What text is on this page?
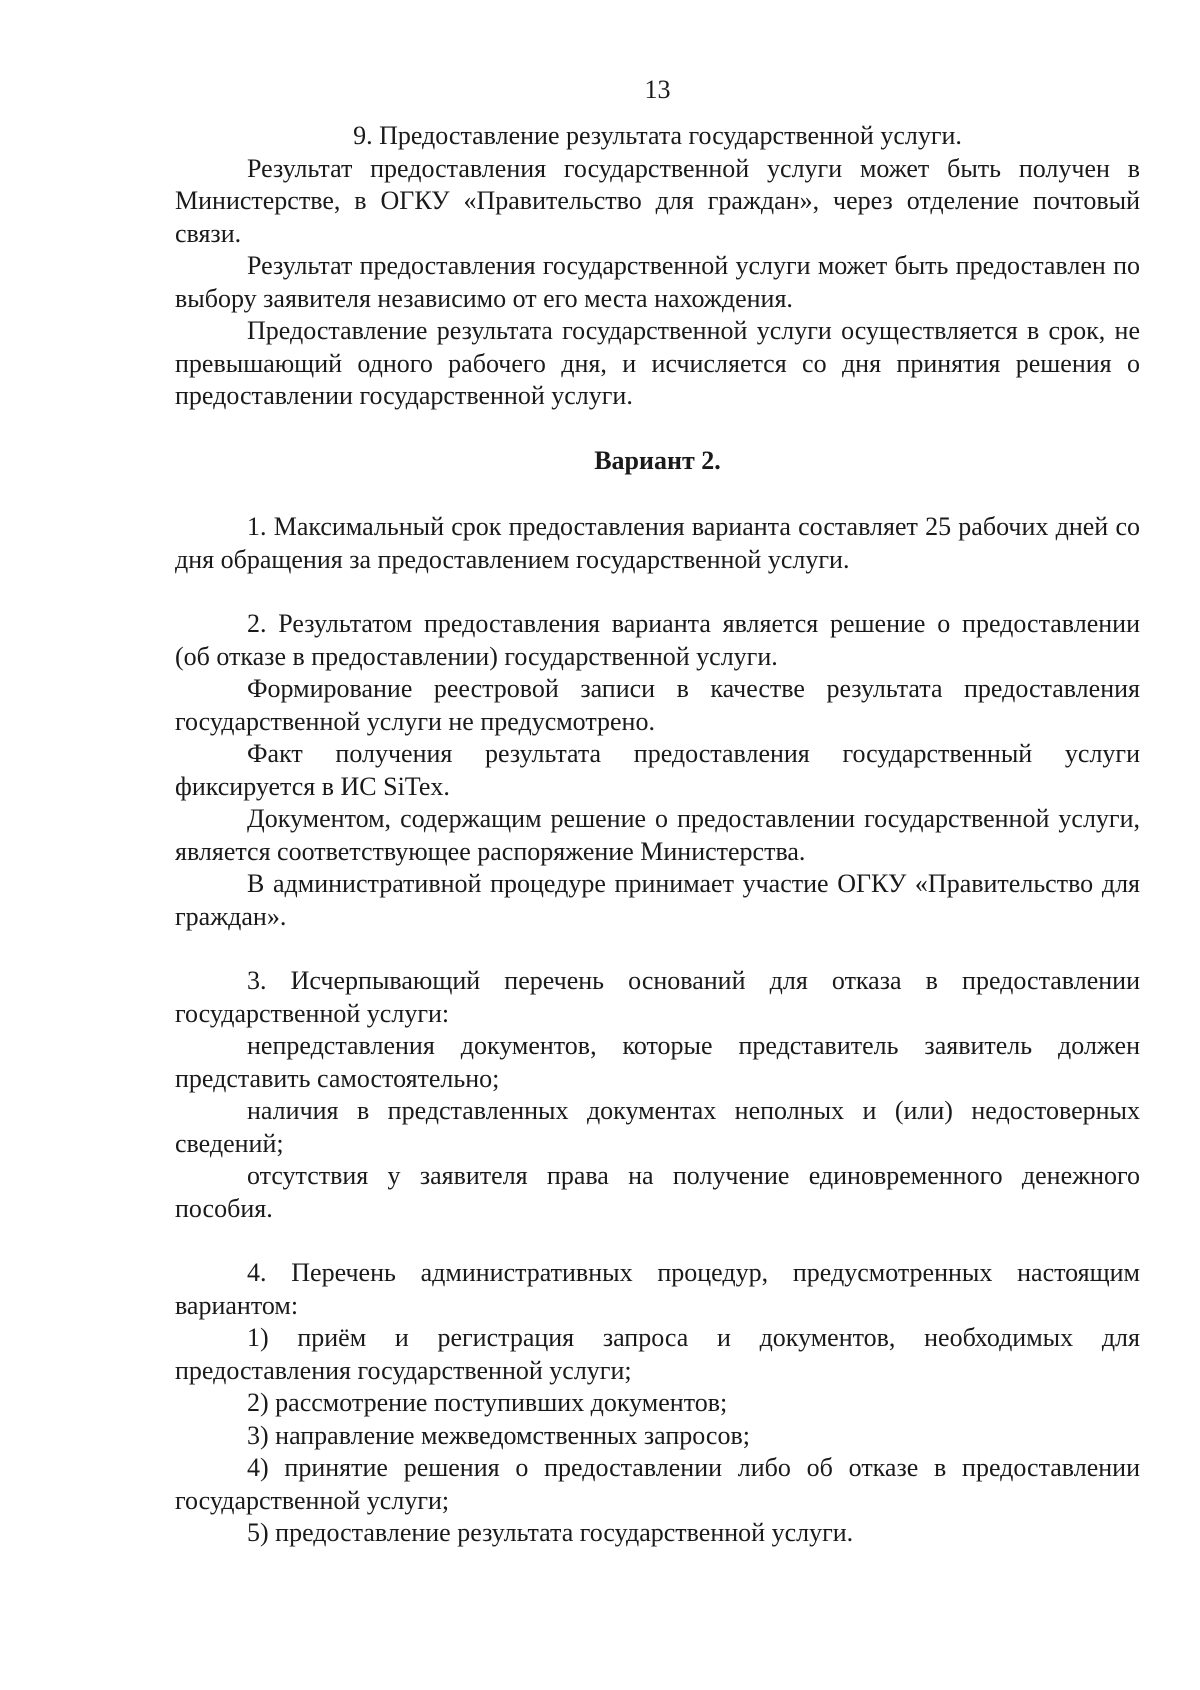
13

9. Предоставление результата государственной услуги.

Результат предоставления государственной услуги может быть получен в Министерстве, в ОГКУ «Правительство для граждан», через отделение почтовый связи.

Результат предоставления государственной услуги может быть предоставлен по выбору заявителя независимо от его места нахождения.

Предоставление результата государственной услуги осуществляется в срок, не превышающий одного рабочего дня, и исчисляется со дня принятия решения о предоставлении государственной услуги.

Вариант 2.

1. Максимальный срок предоставления варианта составляет 25 рабочих дней со дня обращения за предоставлением государственной услуги.

2. Результатом предоставления варианта является решение о предоставлении (об отказе в предоставлении) государственной услуги.

Формирование реестровой записи в качестве результата предоставления государственной услуги не предусмотрено.

Факт получения результата предоставления государственный услуги фиксируется в ИС SiTex.

Документом, содержащим решение о предоставлении государственной услуги, является соответствующее распоряжение Министерства.

В административной процедуре принимает участие ОГКУ «Правительство для граждан».

3. Исчерпывающий перечень оснований для отказа в предоставлении государственной услуги:

непредставления документов, которые представитель заявитель должен представить самостоятельно;

наличия в представленных документах неполных и (или) недостоверных сведений;

отсутствия у заявителя права на получение единовременного денежного пособия.

4. Перечень административных процедур, предусмотренных настоящим вариантом:

1) приём и регистрация запроса и документов, необходимых для предоставления государственной услуги;

2) рассмотрение поступивших документов;

3) направление межведомственных запросов;

4) принятие решения о предоставлении либо об отказе в предоставлении государственной услуги;

5) предоставление результата государственной услуги.
